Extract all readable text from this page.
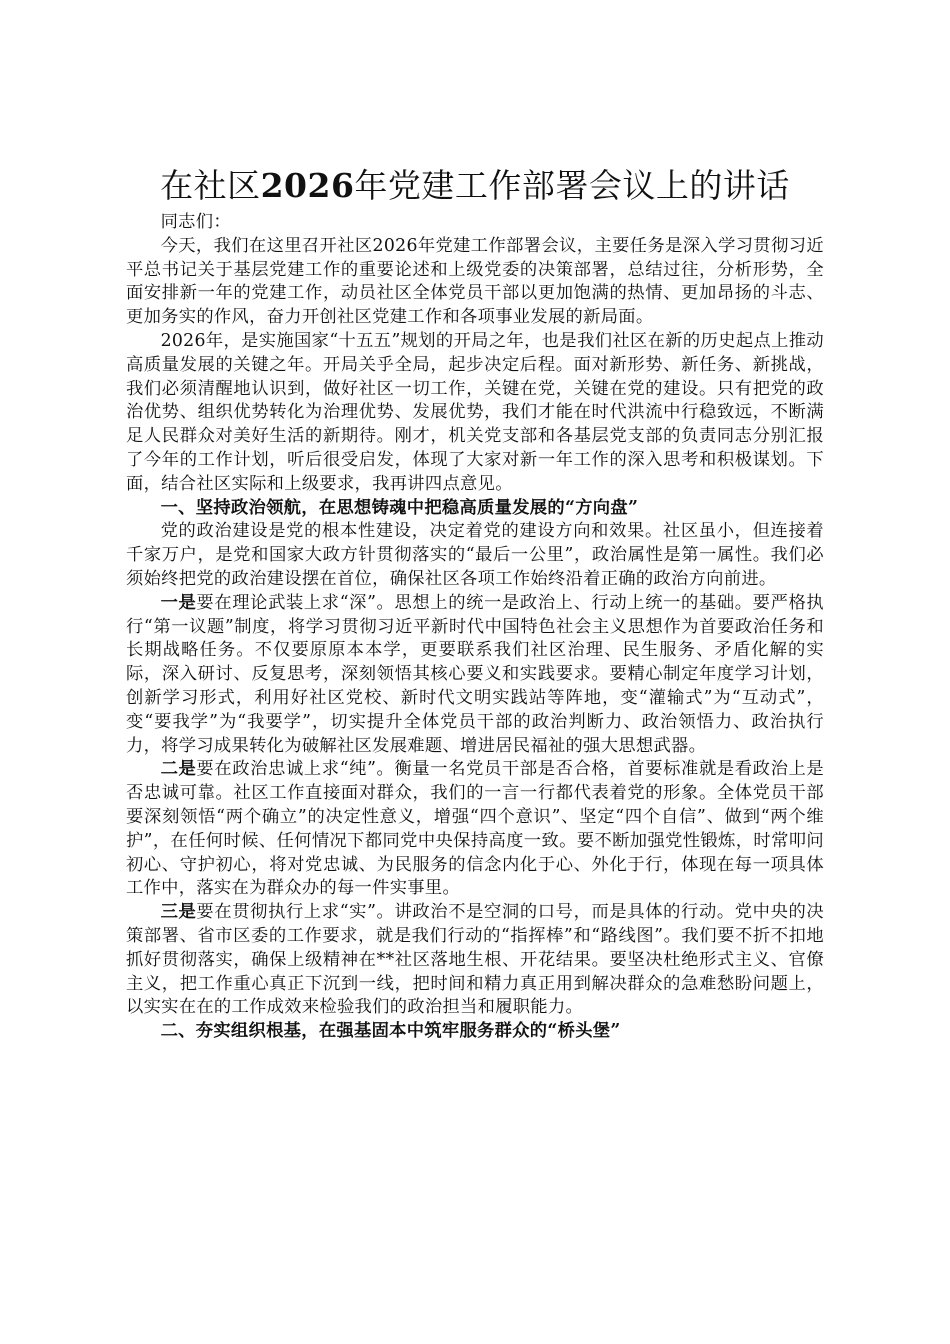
在社区2026年党建工作部署会议上的讲话

同志们：

今天，我们在这里召开社区2026年党建工作部署会议，主要任务是深入学习贯彻习近平总书记关于基层党建工作的重要论述和上级党委的决策部署，总结过往，分析形势，全面安排新一年的党建工作，动员社区全体党员干部以更加饱满的热情、更加昂扬的斗志、更加务实的作风，奋力开创社区党建工作和各项事业发展的新局面。

2026年，是实施国家“十五五”规划的开局之年，也是我们社区在新的历史起点上推动高质量发展的关键之年。开局关乎全局，起步决定后程。面对新形势、新任务、新挑战，我们必须清醒地认识到，做好社区一切工作，关键在党，关键在党的建设。只有把党的政治优势、组织优势转化为治理优势、发展优势，我们才能在时代洪流中行稳致远，不断满足人民群众对美好生活的新期待。刚才，机关党支部和各基层党支部的负责同志分别汇报了今年的工作计划，听后很受启发，体现了大家对新一年工作的深入思考和积极谋划。下面，结合社区实际和上级要求，我再讲四点意见。

一、坚持政治领航，在思想铸魂中把稳高质量发展的“方向盘”

党的政治建设是党的根本性建设，决定着党的建设方向和效果。社区虽小，但连接着千家万户，是党和国家大政方针贯彻落实的“最后一公里”，政治属性是第一属性。我们必须始终把党的政治建设摆在首位，确保社区各项工作始终沿着正确的政治方向前进。

一是要在理论武装上求“深”。思想上的统一是政治上、行动上统一的基础。要严格执行“第一议题”制度，将学习贯彻习近平新时代中国特色社会主义思想作为首要政治任务和长期战略任务。不仅要原原本本学，更要联系我们社区治理、民生服务、矛盾化解的实际，深入研讨、反复思考，深刻领悟其核心要义和实践要求。要精心制定年度学习计划，创新学习形式，利用好社区党校、新时代文明实践站等阵地，变“灌输式”为“互动式”，变“要我学”为“我要学”，切实提升全体党员干部的政治判断力、政治领悟力、政治执行力，将学习成果转化为破解社区发展难题、增进居民福祉的强大思想武器。

二是要在政治忠诚上求“纯”。衡量一名党员干部是否合格，首要标准就是看政治上是否忠诚可靠。社区工作直接面对群众，我们的一言一行都代表着党的形象。全体党员干部要深刻领悟“两个确立”的决定性意义，增强“四个意识”、坚定“四个自信”、做到“两个维护”，在任何时候、任何情况下都同党中央保持高度一致。要不断加强党性锻炼，时常叩问初心、守护初心，将对党忠诚、为民服务的信念内化于心、外化于行，体现在每一项具体工作中，落实在为群众办的每一件实事里。

三是要在贯彻执行上求“实”。讲政治不是空洞的口号，而是具体的行动。党中央的决策部署、省市区委的工作要求，就是我们行动的“指挥棒”和“路线图”。我们要不折不扣地抓好贯彻落实，确保上级精神在**社区落地生根、开花结果。要坚决杜绝形式主义、官僚主义，把工作重心真正下沉到一线，把时间和精力真正用到解决群众的急难愁盼问题上，以实实在在的工作成效来检验我们的政治担当和履职能力。

二、夯实组织根基，在强基固本中筑牢服务群众的“桥头堡”
